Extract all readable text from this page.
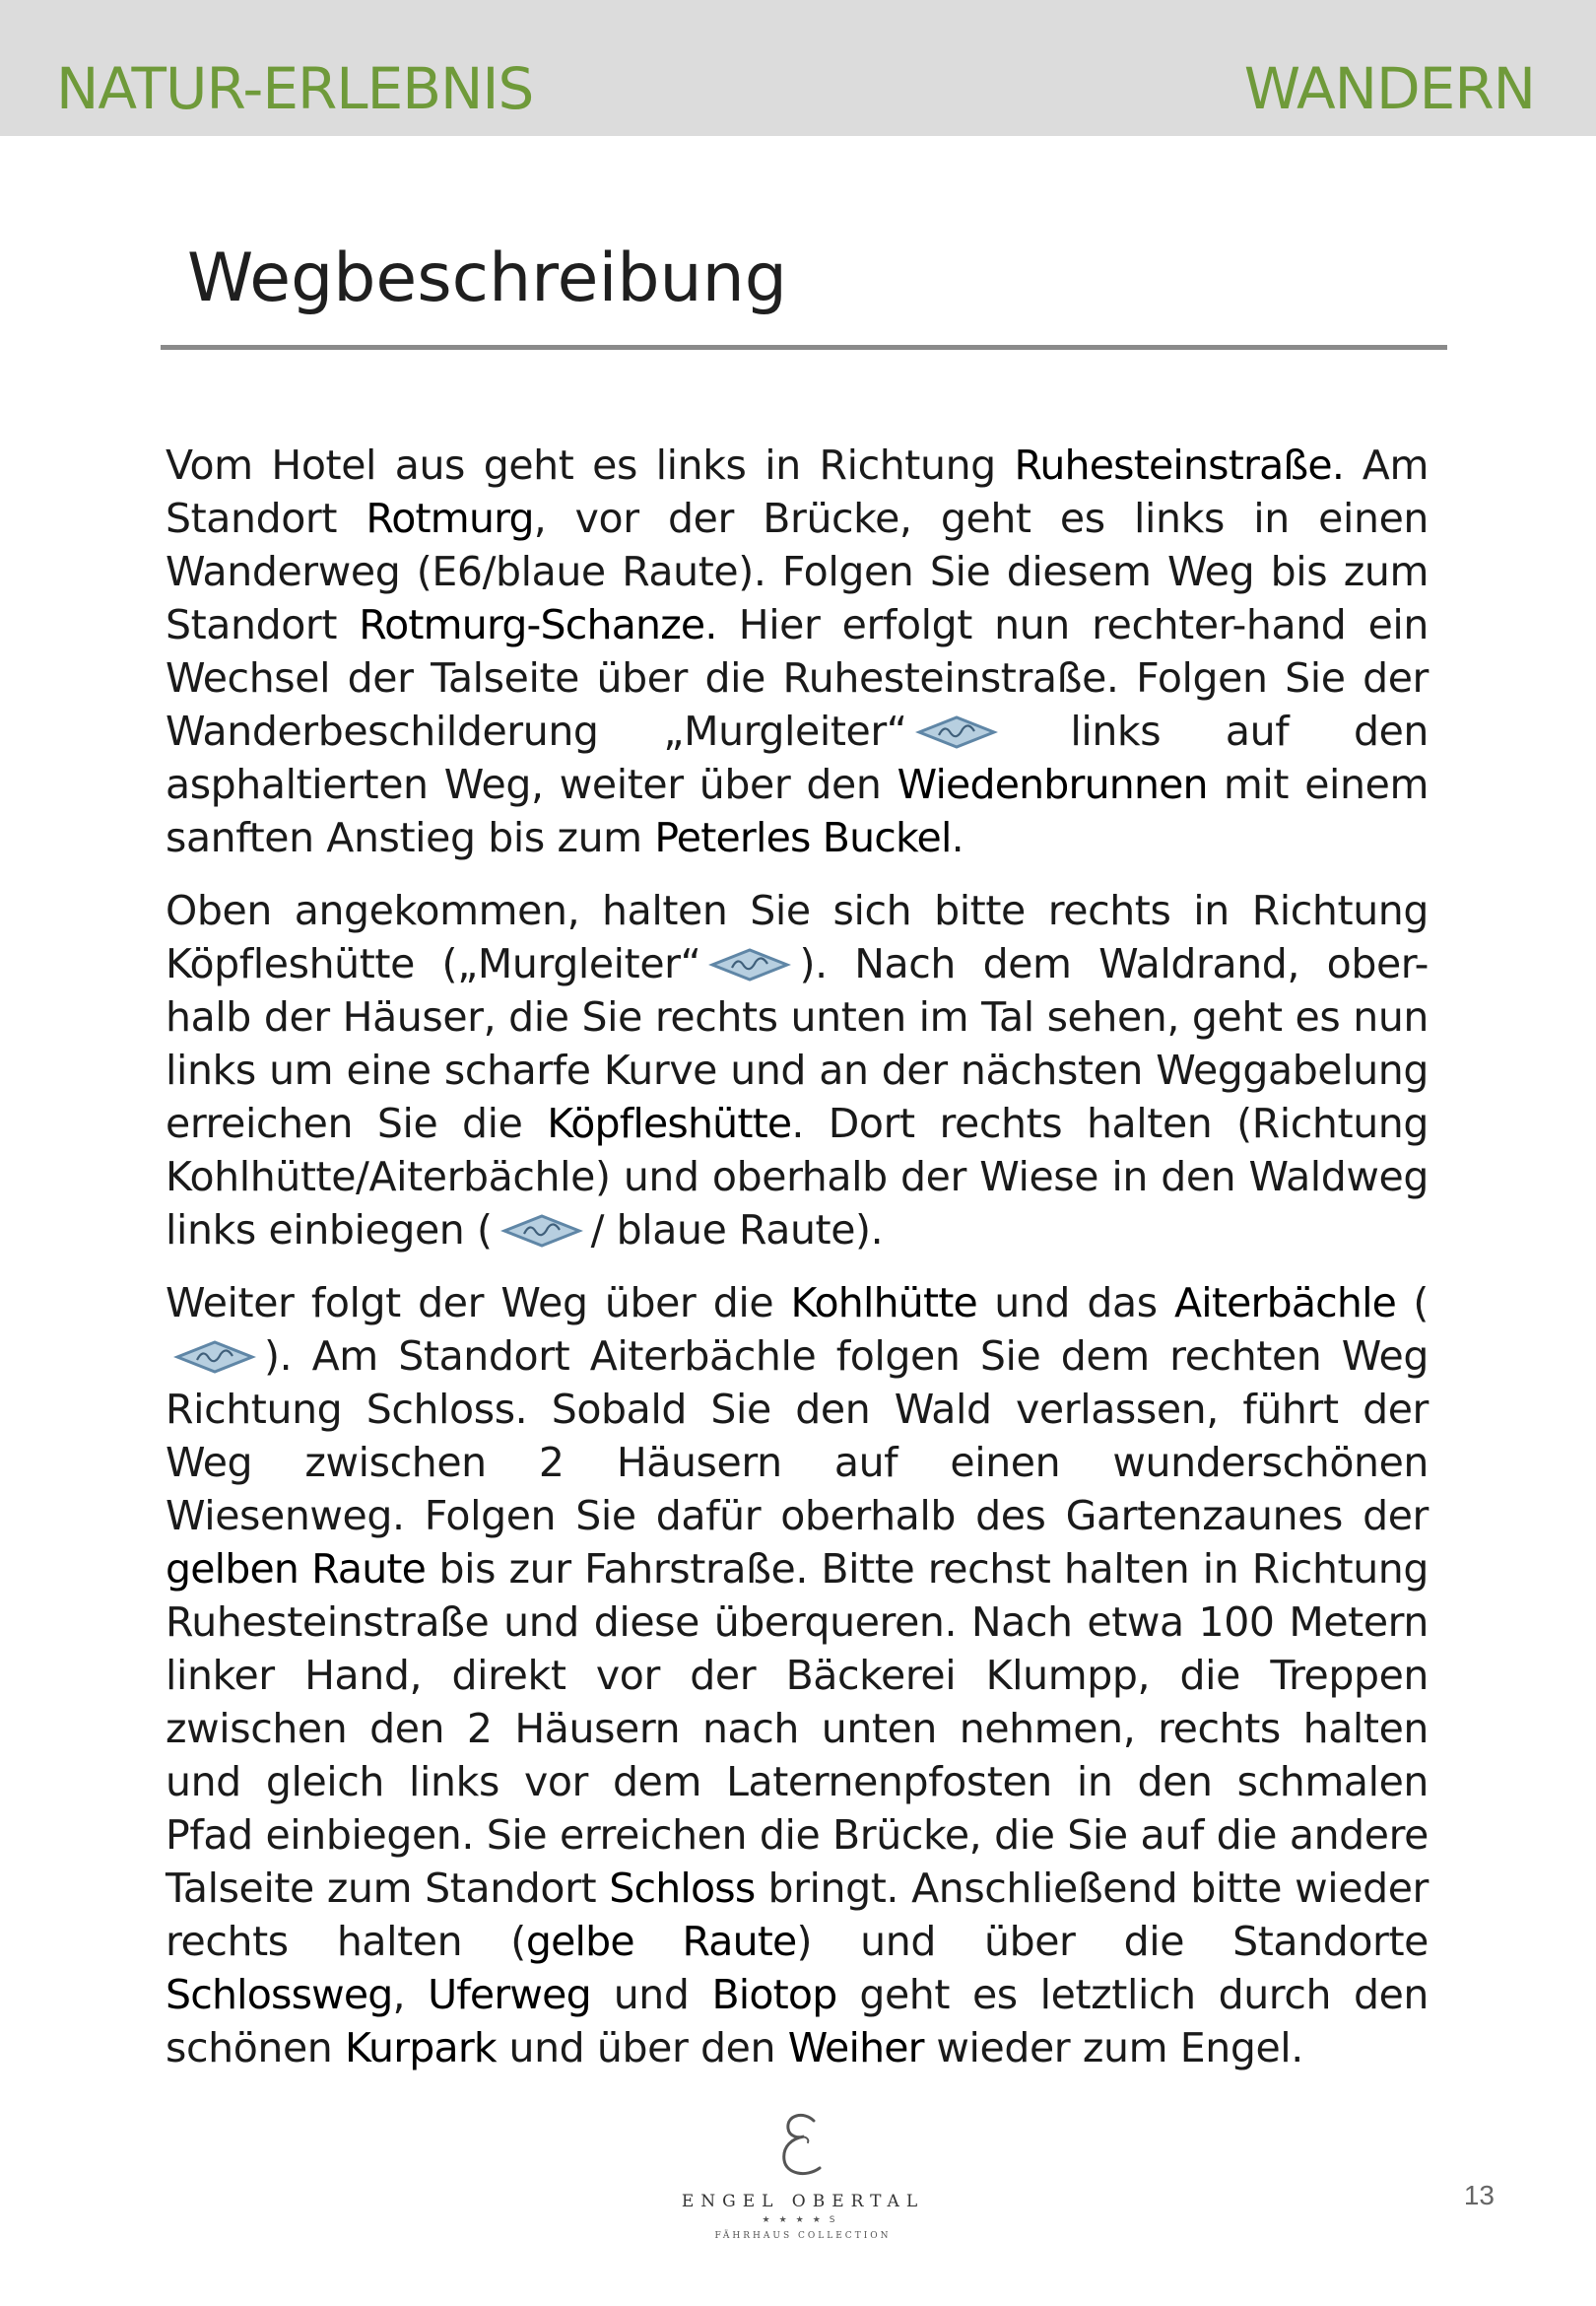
NATUR-ERLEBNIS	WANDERN
Wegbeschreibung

Vom Hotel aus geht es links in Richtung Ruhesteinstraße. Am Standort Rotmurg, vor der Brücke, geht es links in einen Wanderweg (E6/blaue Raute). Folgen Sie diesem Weg bis zum Standort Rotmurg-Schanze. Hier erfolgt nun rechter-hand ein Wechsel der Talseite über die Ruhesteinstraße. Folgen Sie der Wanderbeschilderung „Murgleiter“
links auf den asphaltierten Weg, weiter über den Wiedenbrunnen mit einem sanften Anstieg bis zum Peterles Buckel.

Oben angekommen, halten Sie sich bitte rechts in Richtung Köpfleshütte („Murgleiter“ ). Nach dem Waldrand, ober-halb der Häuser, die Sie rechts unten im Tal sehen, geht es nun links um eine scharfe Kurve und an der nächsten Weggabelung erreichen Sie die Köpfleshütte. Dort rechts halten (Richtung Kohlhütte/Aiterbächle) und oberhalb der Wiese in den Waldweg links einbiegen ( / blaue Raute).

Weiter folgt der Weg über die Kohlhütte und das Aiterbächle (
). Am Standort Aiterbächle folgen Sie dem rechten Weg Richtung Schloss. Sobald Sie den Wald verlassen, führt der Weg zwischen 2 Häusern auf einen wunderschönen Wiesenweg. Folgen Sie dafür oberhalb des Gartenzaunes der gelben Raute bis zur Fahrstraße. Bitte rechst halten in Richtung Ruhesteinstraße und diese überqueren. Nach etwa 100 Metern linker Hand, direkt vor der Bäckerei Klumpp, die Treppen zwischen den 2 Häusern nach unten nehmen, rechts halten und gleich links vor dem Laternenpfosten in den schmalen Pfad einbiegen. Sie erreichen die Brücke, die Sie auf die andere Talseite zum Standort Schloss bringt. Anschließend bitte wieder rechts halten (gelbe Raute) und über die Standorte Schlossweg, Uferweg und Biotop geht es letztlich durch den schönen Kurpark und über den Weiher wieder zum Engel.

ENGEL OBERTAL
★★★★S
FÄHRHAUS COLLECTION
13
